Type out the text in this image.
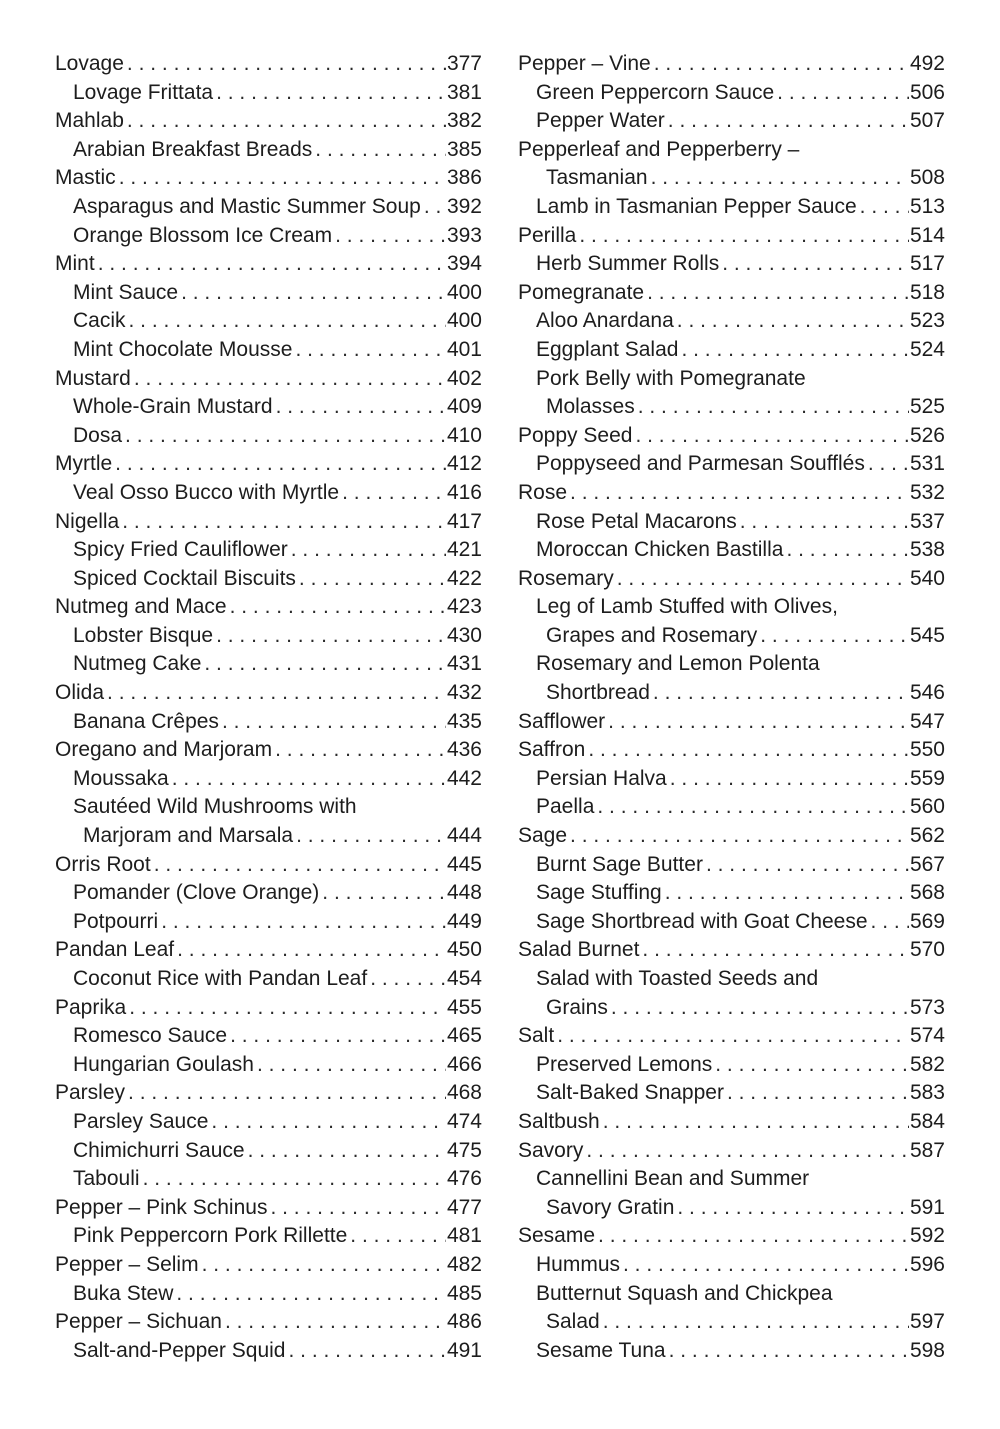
Lovage . . .	377
Lovage Frittata . . .	381
Mahlab . . .	382
Arabian Breakfast Breads . . .	385
Mastic . . .	386
Asparagus and Mastic Summer Soup . . . 392
Orange Blossom Ice Cream . . .	393
Mint . . .	394
Mint Sauce . . .	400
Cacik . . .	400
Mint Chocolate Mousse . . .	401
Mustard . . .	402
Whole-Grain Mustard . . .	409
Dosa . . .	410
Myrtle . . .	412
Veal Osso Bucco with Myrtle . . .	416
Nigella . . .	417
Spicy Fried Cauliflower . . .	421
Spiced Cocktail Biscuits . . .	422
Nutmeg and Mace . . .	423
Lobster Bisque . . .	430
Nutmeg Cake . . .	431
Olida . . .	432
Banana Crêpes . . .	435
Oregano and Marjoram . . .	436
Moussaka . . .	442
Sautéed Wild Mushrooms with
Marjoram and Marsala . . .	444
Orris Root . . .	445
Pomander (Clove Orange) . . .	448
Potpourri . . .	449
Pandan Leaf . . .	450
Coconut Rice with Pandan Leaf . . .	454
Paprika . . .	455
Romesco Sauce . . .	465
Hungarian Goulash . . .	466
Parsley . . .	468
Parsley Sauce . . .	474
Chimichurri Sauce . . .	475
Tabouli . . .	476
Pepper – Pink Schinus . . .	477
Pink Peppercorn Pork Rillette . . .	481
Pepper – Selim . . .	482
Buka Stew . . .	485
Pepper – Sichuan . . .	486
Salt-and-Pepper Squid . . .	491
Pepper – Vine . . .	492
Green Peppercorn Sauce . . .	506
Pepper Water . . .	507
Pepperleaf and Pepperberry –
Tasmanian . . .	508
Lamb in Tasmanian Pepper Sauce . . .	513
Perilla . . .	514
Herb Summer Rolls . . .	517
Pomegranate . . .	518
Aloo Anardana . . .	523
Eggplant Salad . . .	524
Pork Belly with Pomegranate
Molasses . . .	525
Poppy Seed . . .	526
Poppyseed and Parmesan Soufflés . . . 531
Rose . . .	532
Rose Petal Macarons . . .	537
Moroccan Chicken Bastilla . . .	538
Rosemary . . .	540
Leg of Lamb Stuffed with Olives,
Grapes and Rosemary . . .	545
Rosemary and Lemon Polenta
Shortbread . . .	546
Safflower . . .	547
Saffron . . .	550
Persian Halva . . .	559
Paella . . .	560
Sage . . .	562
Burnt Sage Butter . . .	567
Sage Stuffing . . .	568
Sage Shortbread with Goat Cheese . . . 569
Salad Burnet . . .	570
Salad with Toasted Seeds and
Grains . . .	573
Salt . . .	574
Preserved Lemons . . .	582
Salt-Baked Snapper . . .	583
Saltbush . . .	584
Savory . . .	587
Cannellini Bean and Summer
Savory Gratin . . .	591
Sesame . . .	592
Hummus . . .	596
Butternut Squash and Chickpea
Salad . . .	597
Sesame Tuna . . .	598
